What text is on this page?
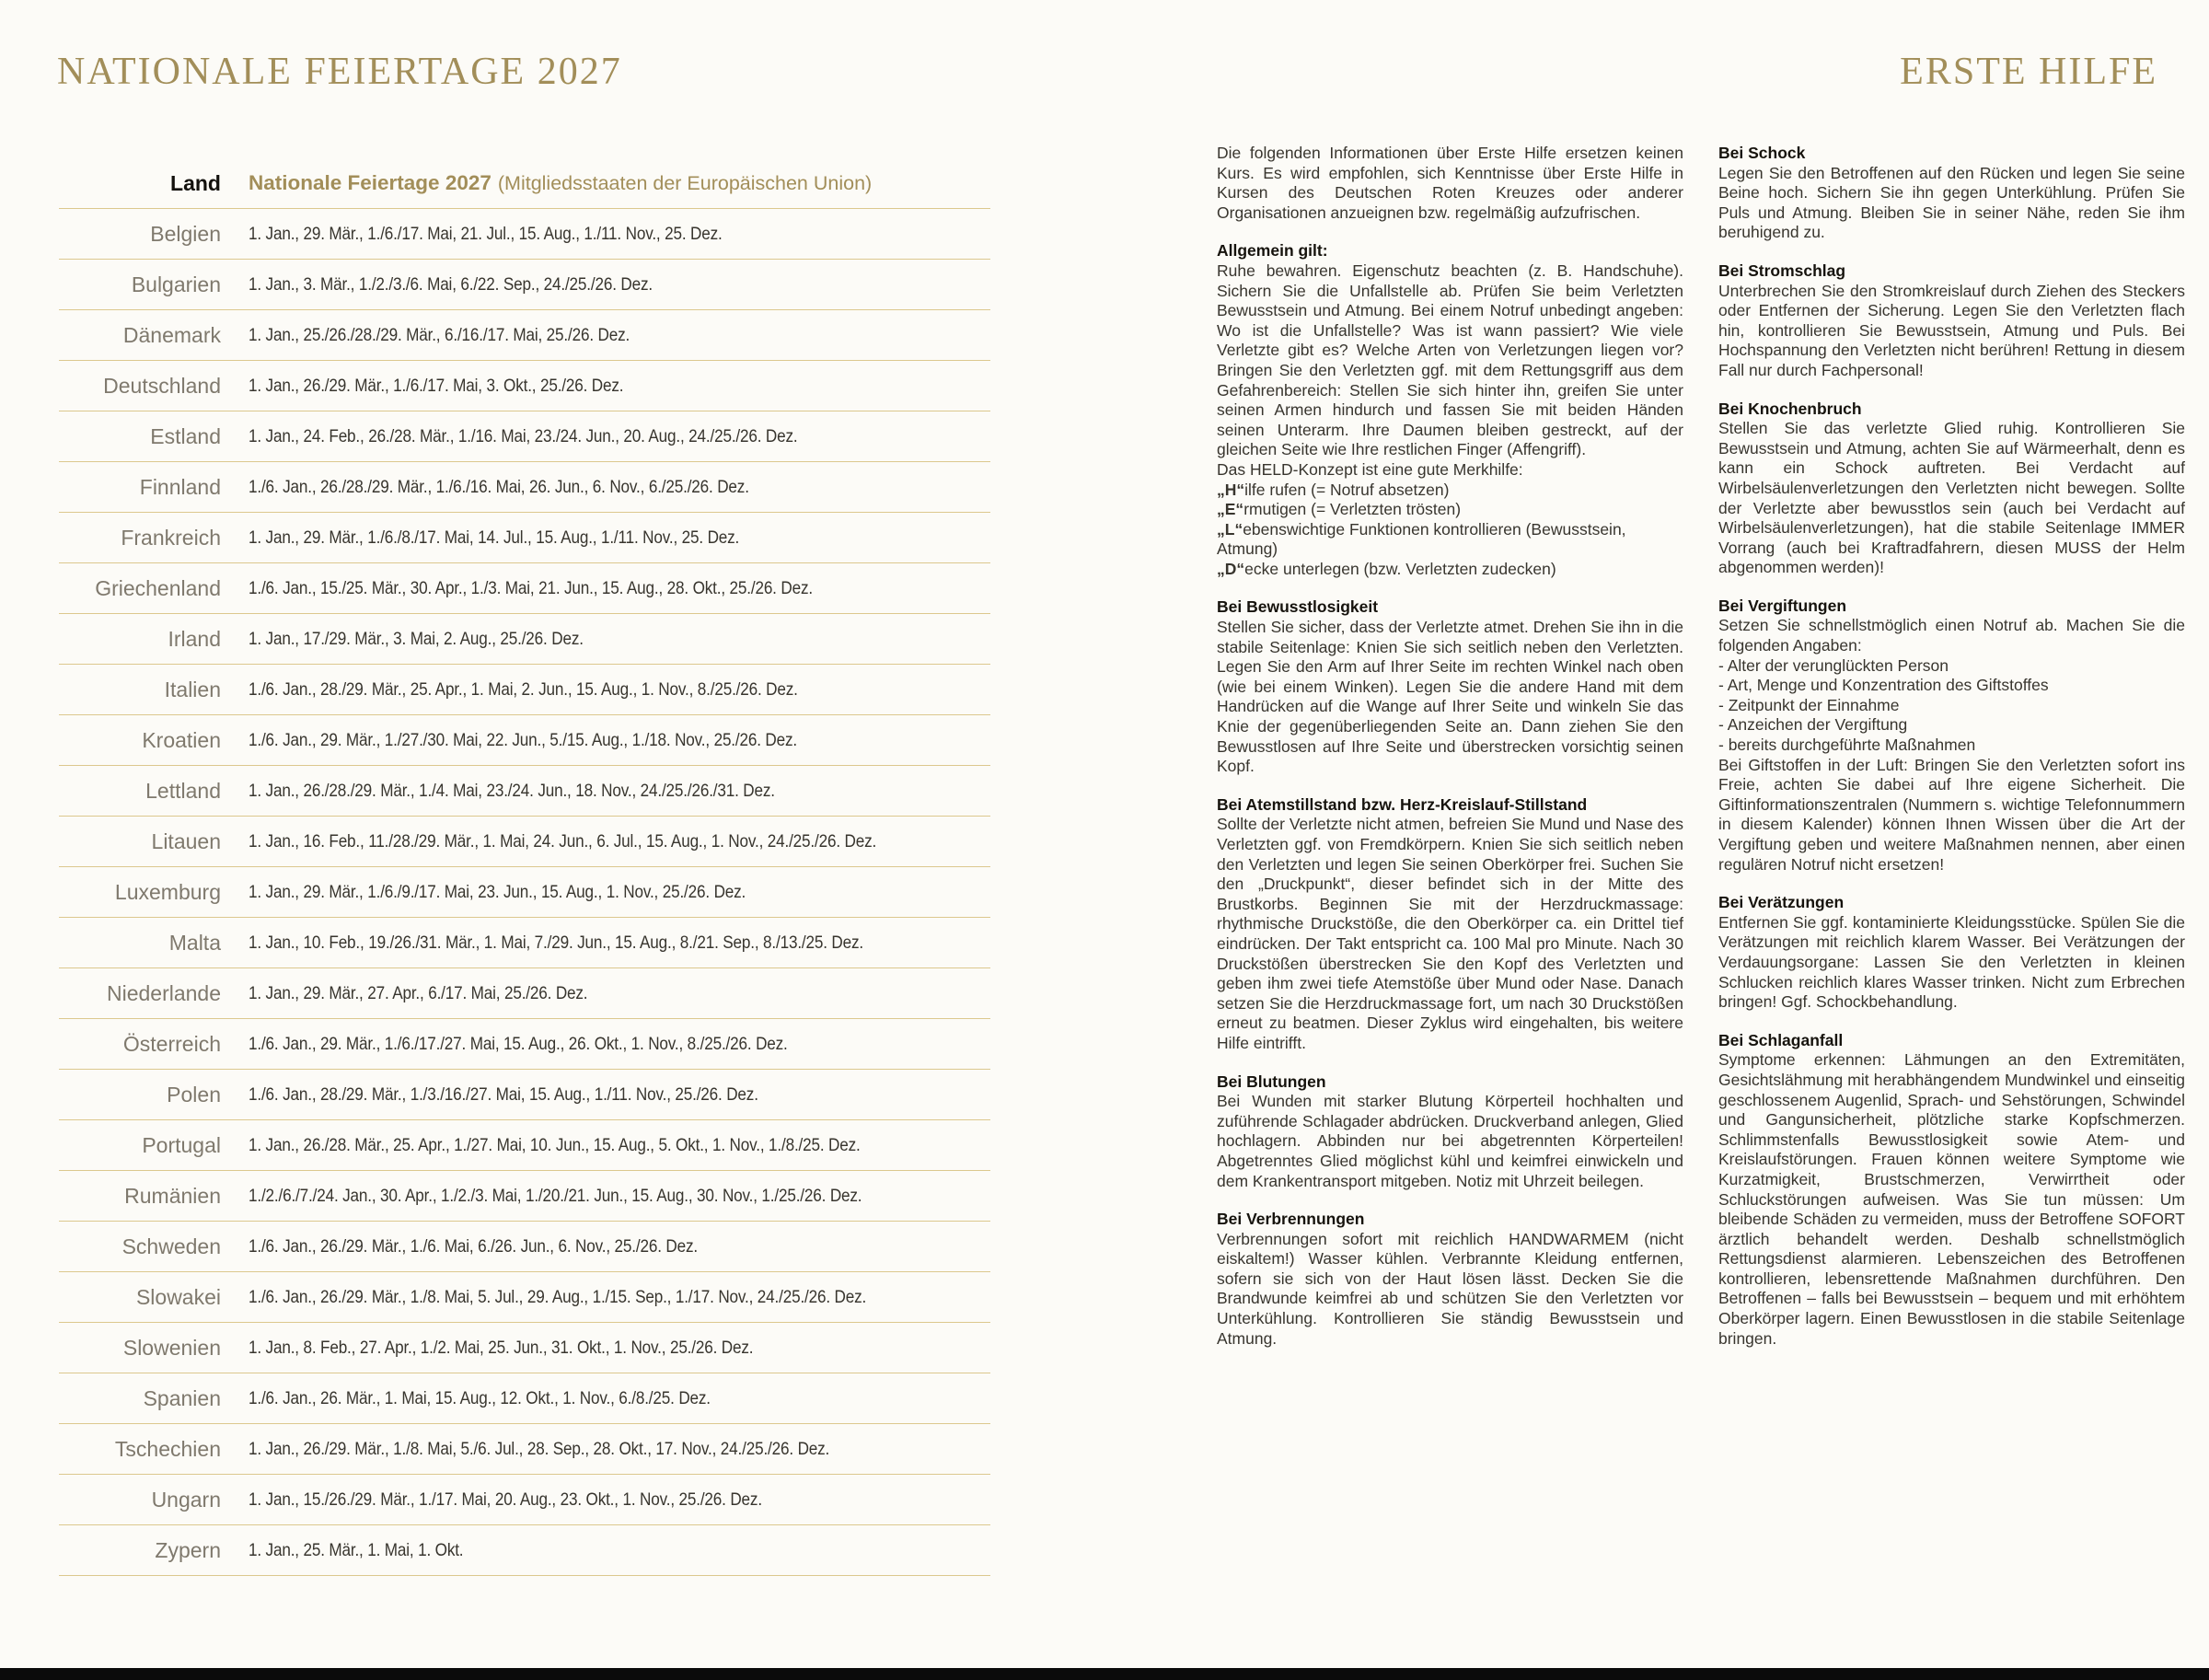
NATIONALE FEIERTAGE 2027
Land Nationale Feiertage 2027 (Mitgliedsstaaten der Europäischen Union)
Belgien 1. Jan., 29. Mär., 1./6./17. Mai, 21. Jul., 15. Aug., 1./11. Nov., 25. Dez.
Bulgarien 1. Jan., 3. Mär., 1./2./3./6. Mai, 6./22. Sep., 24./25./26. Dez.
Dänemark 1. Jan., 25./26./28./29. Mär., 6./16./17. Mai, 25./26. Dez.
Deutschland 1. Jan., 26./29. Mär., 1./6./17. Mai, 3. Okt., 25./26. Dez.
Estland 1. Jan., 24. Feb., 26./28. Mär., 1./16. Mai, 23./24. Jun., 20. Aug., 24./25./26. Dez.
Finnland 1./6. Jan., 26./28./29. Mär., 1./6./16. Mai, 26. Jun., 6. Nov., 6./25./26. Dez.
Frankreich 1. Jan., 29. Mär., 1./6./8./17. Mai, 14. Jul., 15. Aug., 1./11. Nov., 25. Dez.
Griechenland 1./6. Jan., 15./25. Mär., 30. Apr., 1./3. Mai, 21. Jun., 15. Aug., 28. Okt., 25./26. Dez.
Irland 1. Jan., 17./29. Mär., 3. Mai, 2. Aug., 25./26. Dez.
Italien 1./6. Jan., 28./29. Mär., 25. Apr., 1. Mai, 2. Jun., 15. Aug., 1. Nov., 8./25./26. Dez.
Kroatien 1./6. Jan., 29. Mär., 1./27./30. Mai, 22. Jun., 5./15. Aug., 1./18. Nov., 25./26. Dez.
Lettland 1. Jan., 26./28./29. Mär., 1./4. Mai, 23./24. Jun., 18. Nov., 24./25./26./31. Dez.
Litauen 1. Jan., 16. Feb., 11./28./29. Mär., 1. Mai, 24. Jun., 6. Jul., 15. Aug., 1. Nov., 24./25./26. Dez.
Luxemburg 1. Jan., 29. Mär., 1./6./9./17. Mai, 23. Jun., 15. Aug., 1. Nov., 25./26. Dez.
Malta 1. Jan., 10. Feb., 19./26./31. Mär., 1. Mai, 7./29. Jun., 15. Aug., 8./21. Sep., 8./13./25. Dez.
Niederlande 1. Jan., 29. Mär., 27. Apr., 6./17. Mai, 25./26. Dez.
Österreich 1./6. Jan., 29. Mär., 1./6./17./27. Mai, 15. Aug., 26. Okt., 1. Nov., 8./25./26. Dez.
Polen 1./6. Jan., 28./29. Mär., 1./3./16./27. Mai, 15. Aug., 1./11. Nov., 25./26. Dez.
Portugal 1. Jan., 26./28. Mär., 25. Apr., 1./27. Mai, 10. Jun., 15. Aug., 5. Okt., 1. Nov., 1./8./25. Dez.
Rumänien 1./2./6./7./24. Jan., 30. Apr., 1./2./3. Mai, 1./20./21. Jun., 15. Aug., 30. Nov., 1./25./26. Dez.
Schweden 1./6. Jan., 26./29. Mär., 1./6. Mai, 6./26. Jun., 6. Nov., 25./26. Dez.
Slowakei 1./6. Jan., 26./29. Mär., 1./8. Mai, 5. Jul., 29. Aug., 1./15. Sep., 1./17. Nov., 24./25./26. Dez.
Slowenien 1. Jan., 8. Feb., 27. Apr., 1./2. Mai, 25. Jun., 31. Okt., 1. Nov., 25./26. Dez.
Spanien 1./6. Jan., 26. Mär., 1. Mai, 15. Aug., 12. Okt., 1. Nov., 6./8./25. Dez.
Tschechien 1. Jan., 26./29. Mär., 1./8. Mai, 5./6. Jul., 28. Sep., 28. Okt., 17. Nov., 24./25./26. Dez.
Ungarn 1. Jan., 15./26./29. Mär., 1./17. Mai, 20. Aug., 23. Okt., 1. Nov., 25./26. Dez.
Zypern 1. Jan., 25. Mär., 1. Mai, 1. Okt.
ERSTE HILFE

Die folgenden Informationen über Erste Hilfe ersetzen keinen Kurs. Es wird empfohlen, sich Kenntnisse über Erste Hilfe in Kursen des Deutschen Roten Kreuzes oder anderer Organisationen anzueignen bzw. regelmäßig aufzufrischen.

Allgemein gilt:

Ruhe bewahren. Eigenschutz beachten (z. B. Handschuhe). Sichern Sie die Unfallstelle ab. Prüfen Sie beim Verletzten Bewusstsein und Atmung. Bei einem Notruf unbedingt angeben: Wo ist die Unfallstelle? Was ist wann passiert? Wie viele Verletzte gibt es? Welche Arten von Verletzungen liegen vor? Bringen Sie den Verletzten ggf. mit dem Rettungsgriff aus dem Gefahrenbereich: Stellen Sie sich hinter ihn, greifen Sie unter seinen Armen hindurch und fassen Sie mit beiden Händen seinen Unterarm. Ihre Daumen bleiben gestreckt, auf der gleichen Seite wie Ihre restlichen Finger (Affengriff).

Das HELD-Konzept ist eine gute Merkhilfe:

„H“ilfe rufen (= Notruf absetzen)

„E“rmutigen (= Verletzten trösten)

„L“ebenswichtige Funktionen kontrollieren (Bewusstsein, Atmung)

„D“ecke unterlegen (bzw. Verletzten zudecken)

Bei Bewusstlosigkeit

Stellen Sie sicher, dass der Verletzte atmet. Drehen Sie ihn in die stabile Seitenlage: Knien Sie sich seitlich neben den Verletzten. Legen Sie den Arm auf Ihrer Seite im rechten Winkel nach oben (wie bei einem Winken). Legen Sie die andere Hand mit dem Handrücken auf die Wange auf Ihrer Seite und winkeln Sie das Knie der gegenüberliegenden Seite an. Dann ziehen Sie den Bewusstlosen auf Ihre Seite und überstrecken vorsichtig seinen Kopf.

Bei Atemstillstand bzw. Herz-Kreislauf-Stillstand

Sollte der Verletzte nicht atmen, befreien Sie Mund und Nase des Verletzten ggf. von Fremdkörpern. Knien Sie sich seitlich neben den Verletzten und legen Sie seinen Oberkörper frei. Suchen Sie den „Druckpunkt“, dieser befindet sich in der Mitte des Brustkorbs. Beginnen Sie mit der Herzdruckmassage: rhythmische Druckstöße, die den Oberkörper ca. ein Drittel tief eindrücken. Der Takt entspricht ca. 100 Mal pro Minute. Nach 30 Druckstößen überstrecken Sie den Kopf des Verletzten und geben ihm zwei tiefe Atemstöße über Mund oder Nase. Danach setzen Sie die Herzdruckmassage fort, um nach 30 Druckstößen erneut zu beatmen. Dieser Zyklus wird eingehalten, bis weitere Hilfe eintrifft.

Bei Blutungen

Bei Wunden mit starker Blutung Körperteil hochhalten und zuführende Schlagader abdrücken. Druckverband anlegen, Glied hochlagern. Abbinden nur bei abgetrennten Körperteilen! Abgetrenntes Glied möglichst kühl und keimfrei einwickeln und dem Krankentransport mitgeben. Notiz mit Uhrzeit beilegen.

Bei Verbrennungen

Verbrennungen sofort mit reichlich HANDWARMEM (nicht eiskaltem!) Wasser kühlen. Verbrannte Kleidung entfernen, sofern sie sich von der Haut lösen lässt. Decken Sie die Brandwunde keimfrei ab und schützen Sie den Verletzten vor Unterkühlung. Kontrollieren Sie ständig Bewusstsein und Atmung.

Bei Schock

Legen Sie den Betroffenen auf den Rücken und legen Sie seine Beine hoch. Sichern Sie ihn gegen Unterkühlung. Prüfen Sie Puls und Atmung. Bleiben Sie in seiner Nähe, reden Sie ihm beruhigend zu.

Bei Stromschlag

Unterbrechen Sie den Stromkreislauf durch Ziehen des Steckers oder Entfernen der Sicherung. Legen Sie den Verletzten flach hin, kontrollieren Sie Bewusstsein, Atmung und Puls. Bei Hochspannung den Verletzten nicht berühren! Rettung in diesem Fall nur durch Fachpersonal!

Bei Knochenbruch

Stellen Sie das verletzte Glied ruhig. Kontrollieren Sie Bewusstsein und Atmung, achten Sie auf Wärmeerhalt, denn es kann ein Schock auftreten. Bei Verdacht auf Wirbelsäulenverletzungen den Verletzten nicht bewegen. Sollte der Verletzte aber bewusstlos sein (auch bei Verdacht auf Wirbelsäulenverletzungen), hat die stabile Seitenlage IMMER Vorrang (auch bei Kraftradfahrern, diesen MUSS der Helm abgenommen werden)!

Bei Vergiftungen

Setzen Sie schnellstmöglich einen Notruf ab. Machen Sie die folgenden Angaben:

- Alter der verunglückten Person

- Art, Menge und Konzentration des Giftstoffes

- Zeitpunkt der Einnahme

- Anzeichen der Vergiftung

- bereits durchgeführte Maßnahmen

Bei Giftstoffen in der Luft: Bringen Sie den Verletzten sofort ins Freie, achten Sie dabei auf Ihre eigene Sicherheit. Die Giftinformationszentralen (Nummern s. wichtige Telefonnummern in diesem Kalender) können Ihnen Wissen über die Art der Vergiftung geben und weitere Maßnahmen nennen, aber einen regulären Notruf nicht ersetzen!

Bei Verätzungen

Entfernen Sie ggf. kontaminierte Kleidungsstücke. Spülen Sie die Verätzungen mit reichlich klarem Wasser. Bei Verätzungen der Verdauungsorgane: Lassen Sie den Verletzten in kleinen Schlucken reichlich klares Wasser trinken. Nicht zum Erbrechen bringen! Ggf. Schockbehandlung.

Bei Schlaganfall

Symptome erkennen: Lähmungen an den Extremitäten, Gesichtslähmung mit herabhängendem Mundwinkel und einseitig geschlossenem Augenlid, Sprach- und Sehstörungen, Schwindel und Gangunsicherheit, plötzliche starke Kopfschmerzen. Schlimmstenfalls Bewusstlosigkeit sowie Atem- und Kreislaufstörungen. Frauen können weitere Symptome wie Kurzatmigkeit, Brustschmerzen, Verwirrtheit oder Schluckstörungen aufweisen. Was Sie tun müssen: Um bleibende Schäden zu vermeiden, muss der Betroffene SOFORT ärztlich behandelt werden. Deshalb schnellstmöglich Rettungsdienst alarmieren. Lebenszeichen des Betroffenen kontrollieren, lebensrettende Maßnahmen durchführen. Den Betroffenen – falls bei Bewusstsein – bequem und mit erhöhtem Oberkörper lagern. Einen Bewusstlosen in die stabile Seitenlage bringen.
